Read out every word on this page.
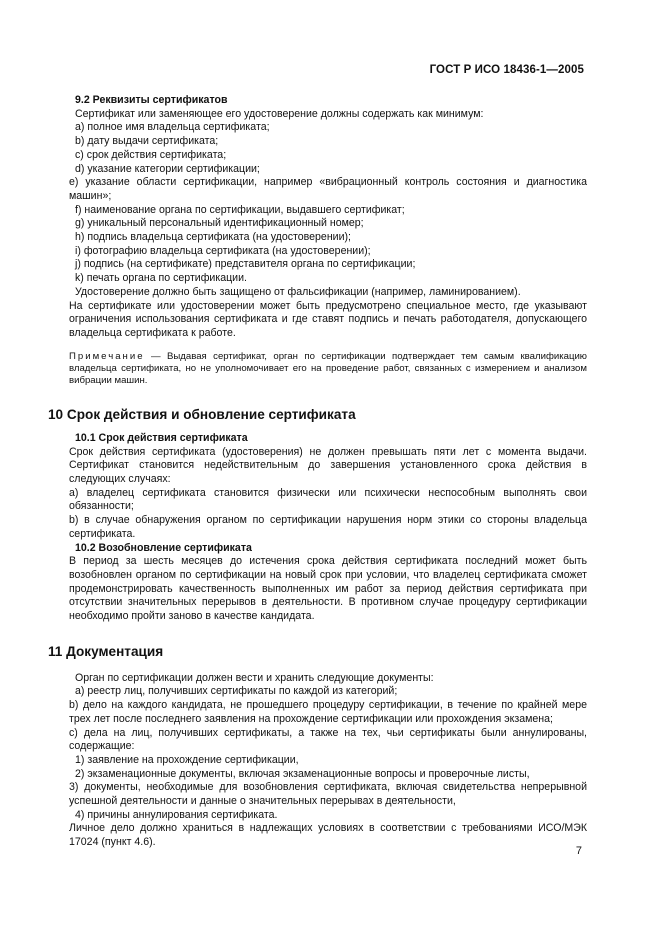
ГОСТ Р ИСО 18436-1—2005
9.2 Реквизиты сертификатов

Сертификат или заменяющее его удостоверение должны содержать как минимум:

a) полное имя владельца сертификата;

b) дату выдачи сертификата;

c) срок действия сертификата;

d) указание категории сертификации;

e) указание области сертификации, например «вибрационный контроль состояния и диагностика машин»;

f) наименование органа по сертификации, выдавшего сертификат;

g) уникальный персональный идентификационный номер;

h) подпись владельца сертификата (на удостоверении);

i) фотографию владельца сертификата (на удостоверении);

j) подпись (на сертификате) представителя органа по сертификации;

k) печать органа по сертификации.

Удостоверение должно быть защищено от фальсификации (например, ламинированием).

На сертификате или удостоверении может быть предусмотрено специальное место, где указывают ограничения использования сертификата и где ставят подпись и печать работодателя, допускающего владельца сертификата к работе.

Примечание — Выдавая сертификат, орган по сертификации подтверждает тем самым квалификацию владельца сертификата, но не уполномочивает его на проведение работ, связанных с измерением и анализом вибрации машин.
10 Срок действия и обновление сертификата
10.1 Срок действия сертификата

Срок действия сертификата (удостоверения) не должен превышать пяти лет с момента выдачи. Сертификат становится недействительным до завершения установленного срока действия в следующих случаях:

a) владелец сертификата становится физически или психически неспособным выполнять свои обязанности;

b) в случае обнаружения органом по сертификации нарушения норм этики со стороны владельца сертификата.

10.2 Возобновление сертификата

В период за шесть месяцев до истечения срока действия сертификата последний может быть возобновлен органом по сертификации на новый срок при условии, что владелец сертификата сможет продемонстрировать качественность выполненных им работ за период действия сертификата при отсутствии значительных перерывов в деятельности. В противном случае процедуру сертификации необходимо пройти заново в качестве кандидата.

11 Документация

Орган по сертификации должен вести и хранить следующие документы:

a) реестр лиц, получивших сертификаты по каждой из категорий;

b) дело на каждого кандидата, не прошедшего процедуру сертификации, в течение по крайней мере трех лет после последнего заявления на прохождение сертификации или прохождения экзамена;

c) дела на лиц, получивших сертификаты, а также на тех, чьи сертификаты были аннулированы, содержащие:

1) заявление на прохождение сертификации,

2) экзаменационные документы, включая экзаменационные вопросы и проверочные листы,

3) документы, необходимые для возобновления сертификата, включая свидетельства непрерывной успешной деятельности и данные о значительных перерывах в деятельности,

4) причины аннулирования сертификата.

Личное дело должно храниться в надлежащих условиях в соответствии с требованиями ИСО/МЭК 17024 (пункт 4.6).

7
